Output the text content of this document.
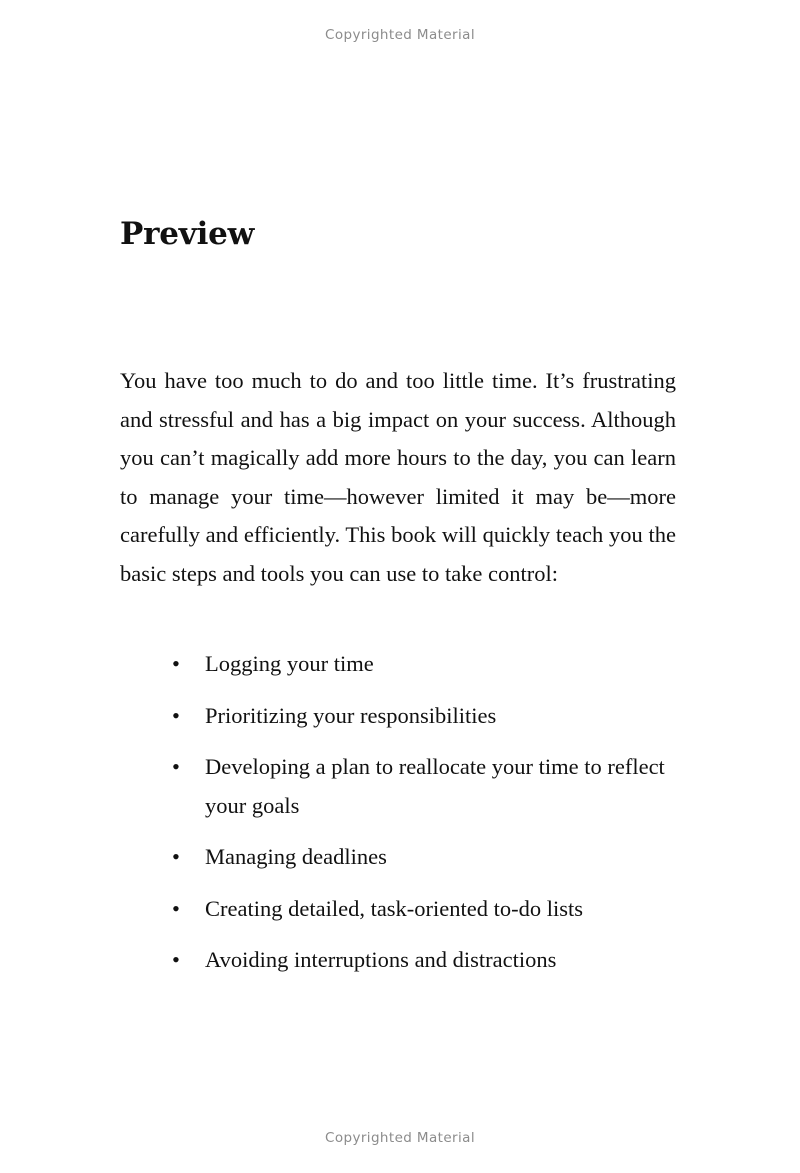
Copyrighted Material
Preview

You have too much to do and too little time. It’s frustrating and stressful and has a big impact on your success. Although you can’t magically add more hours to the day, you can learn to manage your time—however limited it may be—more carefully and efficiently. This book will quickly teach you the basic steps and tools you can use to take control:

• Logging your time
• Prioritizing your responsibilities
• Developing a plan to reallocate your time to reflect your goals
• Managing deadlines
• Creating detailed, task-oriented to-do lists
• Avoiding interruptions and distractions
Copyrighted Material
